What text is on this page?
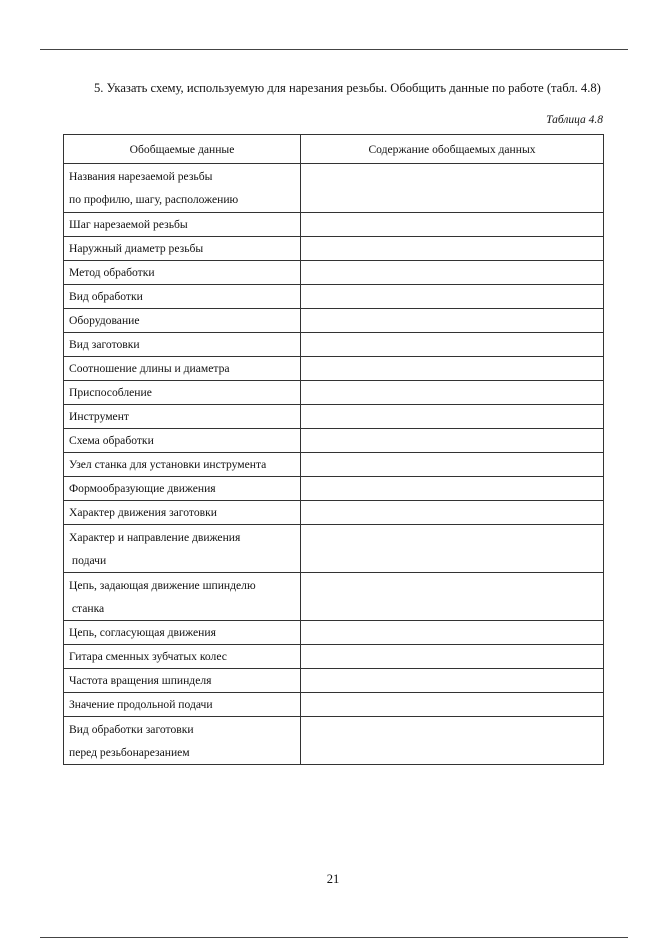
5. Указать схему, используемую для нарезания резьбы. Обобщить данные по работе (табл. 4.8)

Таблица 4.8
Обобщаемые данные	Содержание обобщаемых данных

Названия нарезаемой резьбы
по профилю, шагу, расположению	

Шаг нарезаемой резьбы	

Наружный диаметр резьбы	

Метод обработки	

Вид обработки	

Оборудование	

Вид заготовки	

Соотношение длины и диаметра	

Приспособление	

Инструмент	

Схема обработки	

Узел станка для установки инструмента	

Формообразующие движения	

Характер движения заготовки	

Характер и направление движения
подачи	

Цепь, задающая движение шпинделю
станка	

Цепь, согласующая движения	

Гитара сменных зубчатых колес	

Частота вращения шпинделя	

Значение продольной подачи	

Вид обработки заготовки
перед резьбонарезанием	

21
